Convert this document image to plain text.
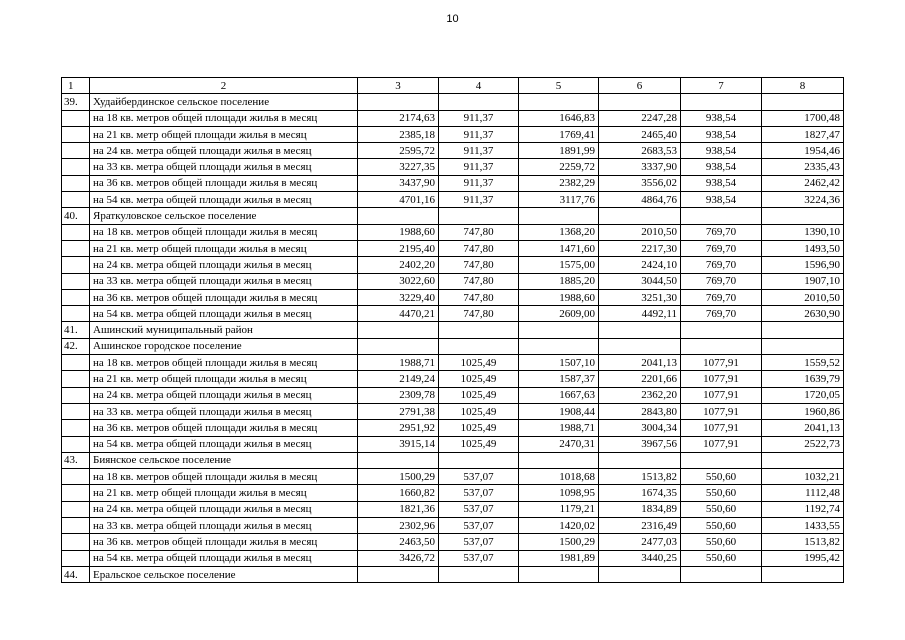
10
1	2	3	4	5	6	7	8
39.	Худайбердинское сельское поселение						
	на 18 кв. метров общей площади жилья в месяц	2174,63	911,37	1646,83	2247,28	938,54	1700,48
	на 21 кв. метр общей площади жилья в месяц	2385,18	911,37	1769,41	2465,40	938,54	1827,47
	на 24 кв. метра общей площади жилья в месяц	2595,72	911,37	1891,99	2683,53	938,54	1954,46
	на 33 кв. метра общей площади жилья в месяц	3227,35	911,37	2259,72	3337,90	938,54	2335,43
	на 36 кв. метров общей площади жилья в месяц	3437,90	911,37	2382,29	3556,02	938,54	2462,42
	на 54 кв. метра общей площади жилья в месяц	4701,16	911,37	3117,76	4864,76	938,54	3224,36
40.	Яраткуловское сельское поселение						
	на 18 кв. метров общей площади жилья в месяц	1988,60	747,80	1368,20	2010,50	769,70	1390,10
	на 21 кв. метр общей площади жилья в месяц	2195,40	747,80	1471,60	2217,30	769,70	1493,50
	на 24 кв. метра общей площади жилья в месяц	2402,20	747,80	1575,00	2424,10	769,70	1596,90
	на 33 кв. метра общей площади жилья в месяц	3022,60	747,80	1885,20	3044,50	769,70	1907,10
	на 36 кв. метров общей площади жилья в месяц	3229,40	747,80	1988,60	3251,30	769,70	2010,50
	на 54 кв. метра общей площади жилья в месяц	4470,21	747,80	2609,00	4492,11	769,70	2630,90
41.	Ашинский муниципальный район						
42.	Ашинское городское поселение						
	на 18 кв. метров общей площади жилья в месяц	1988,71	1025,49	1507,10	2041,13	1077,91	1559,52
	на 21 кв. метр общей площади жилья в месяц	2149,24	1025,49	1587,37	2201,66	1077,91	1639,79
	на 24 кв. метра общей площади жилья в месяц	2309,78	1025,49	1667,63	2362,20	1077,91	1720,05
	на 33 кв. метра общей площади жилья в месяц	2791,38	1025,49	1908,44	2843,80	1077,91	1960,86
	на 36 кв. метров общей площади жилья в месяц	2951,92	1025,49	1988,71	3004,34	1077,91	2041,13
	на 54 кв. метра общей площади жилья в месяц	3915,14	1025,49	2470,31	3967,56	1077,91	2522,73
43.	Биянское сельское поселение						
	на 18 кв. метров общей площади жилья в месяц	1500,29	537,07	1018,68	1513,82	550,60	1032,21
	на 21 кв. метр общей площади жилья в месяц	1660,82	537,07	1098,95	1674,35	550,60	1112,48
	на 24 кв. метра общей площади жилья в месяц	1821,36	537,07	1179,21	1834,89	550,60	1192,74
	на 33 кв. метра общей площади жилья в месяц	2302,96	537,07	1420,02	2316,49	550,60	1433,55
	на 36 кв. метров общей площади жилья в месяц	2463,50	537,07	1500,29	2477,03	550,60	1513,82
	на 54 кв. метра общей площади жилья в месяц	3426,72	537,07	1981,89	3440,25	550,60	1995,42
44.	Еральское сельское поселение						
